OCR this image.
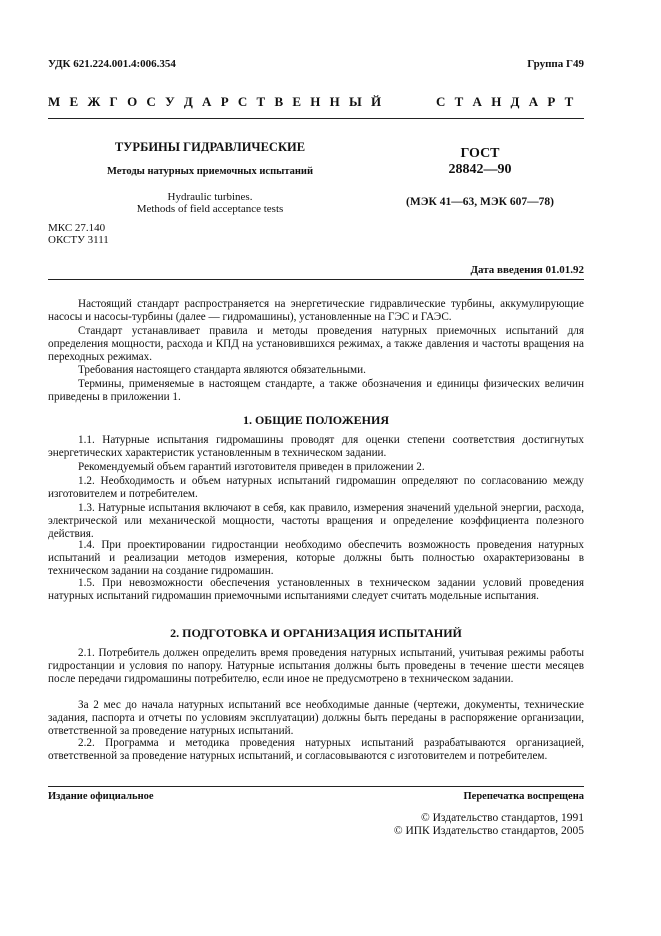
УДК 621.224.001.4:006.354	Группа Г49
М Е Ж Г О С У Д А Р С Т В Е Н Н Ы Й	С Т А Н Д А Р Т
ТУРБИНЫ ГИДРАВЛИЧЕСКИЕ
Методы натурных приемочных испытаний
Hydraulic turbines.
Methods of field acceptance tests
ГОСТ
28842—90
(МЭК 41—63, МЭК 607—78)
МКС 27.140
ОКСТУ 3111
Дата введения 01.01.92

Настоящий стандарт распространяется на энергетические гидравлические турбины, аккумулирующие насосы и насосы-турбины (далее — гидромашины), установленные на ГЭС и ГАЭС.

Стандарт устанавливает правила и методы проведения натурных приемочных испытаний для определения мощности, расхода и КПД на установившихся режимах, а также давления и частоты вращения на переходных режимах.

Требования настоящего стандарта являются обязательными.

Термины, применяемые в настоящем стандарте, а также обозначения и единицы физических величин приведены в приложении 1.

1. ОБЩИЕ ПОЛОЖЕНИЯ

1.1. Натурные испытания гидромашины проводят для оценки степени соответствия достигнутых энергетических характеристик установленным в техническом задании.

Рекомендуемый объем гарантий изготовителя приведен в приложении 2.

1.2. Необходимость и объем натурных испытаний гидромашин определяют по согласованию между изготовителем и потребителем.

1.3. Натурные испытания включают в себя, как правило, измерения значений удельной энергии, расхода, электрической или механической мощности, частоты вращения и определение коэффициента полезного действия.

1.4. При проектировании гидростанции необходимо обеспечить возможность проведения натурных испытаний и реализации методов измерения, которые должны быть полностью охарактеризованы в техническом задании на создание гидромашин.

1.5. При невозможности обеспечения установленных в техническом задании условий проведения натурных испытаний гидромашин приемочными испытаниями следует считать модельные испытания.

2. ПОДГОТОВКА И ОРГАНИЗАЦИЯ ИСПЫТАНИЙ

2.1. Потребитель должен определить время проведения натурных испытаний, учитывая режимы работы гидростанции и условия по напору. Натурные испытания должны быть проведены в течение шести месяцев после передачи гидромашины потребителю, если иное не предусмотрено в техническом задании.

За 2 мес до начала натурных испытаний все необходимые данные (чертежи, документы, технические задания, паспорта и отчеты по условиям эксплуатации) должны быть переданы в распоряжение организации, ответственной за проведение натурных испытаний.

2.2. Программа и методика проведения натурных испытаний разрабатываются организацией, ответственной за проведение натурных испытаний, и согласовываются с изготовителем и потребителем.

Издание официальное	Перепечатка воспрещена
© Издательство стандартов, 1991
© ИПК Издательство стандартов, 2005
